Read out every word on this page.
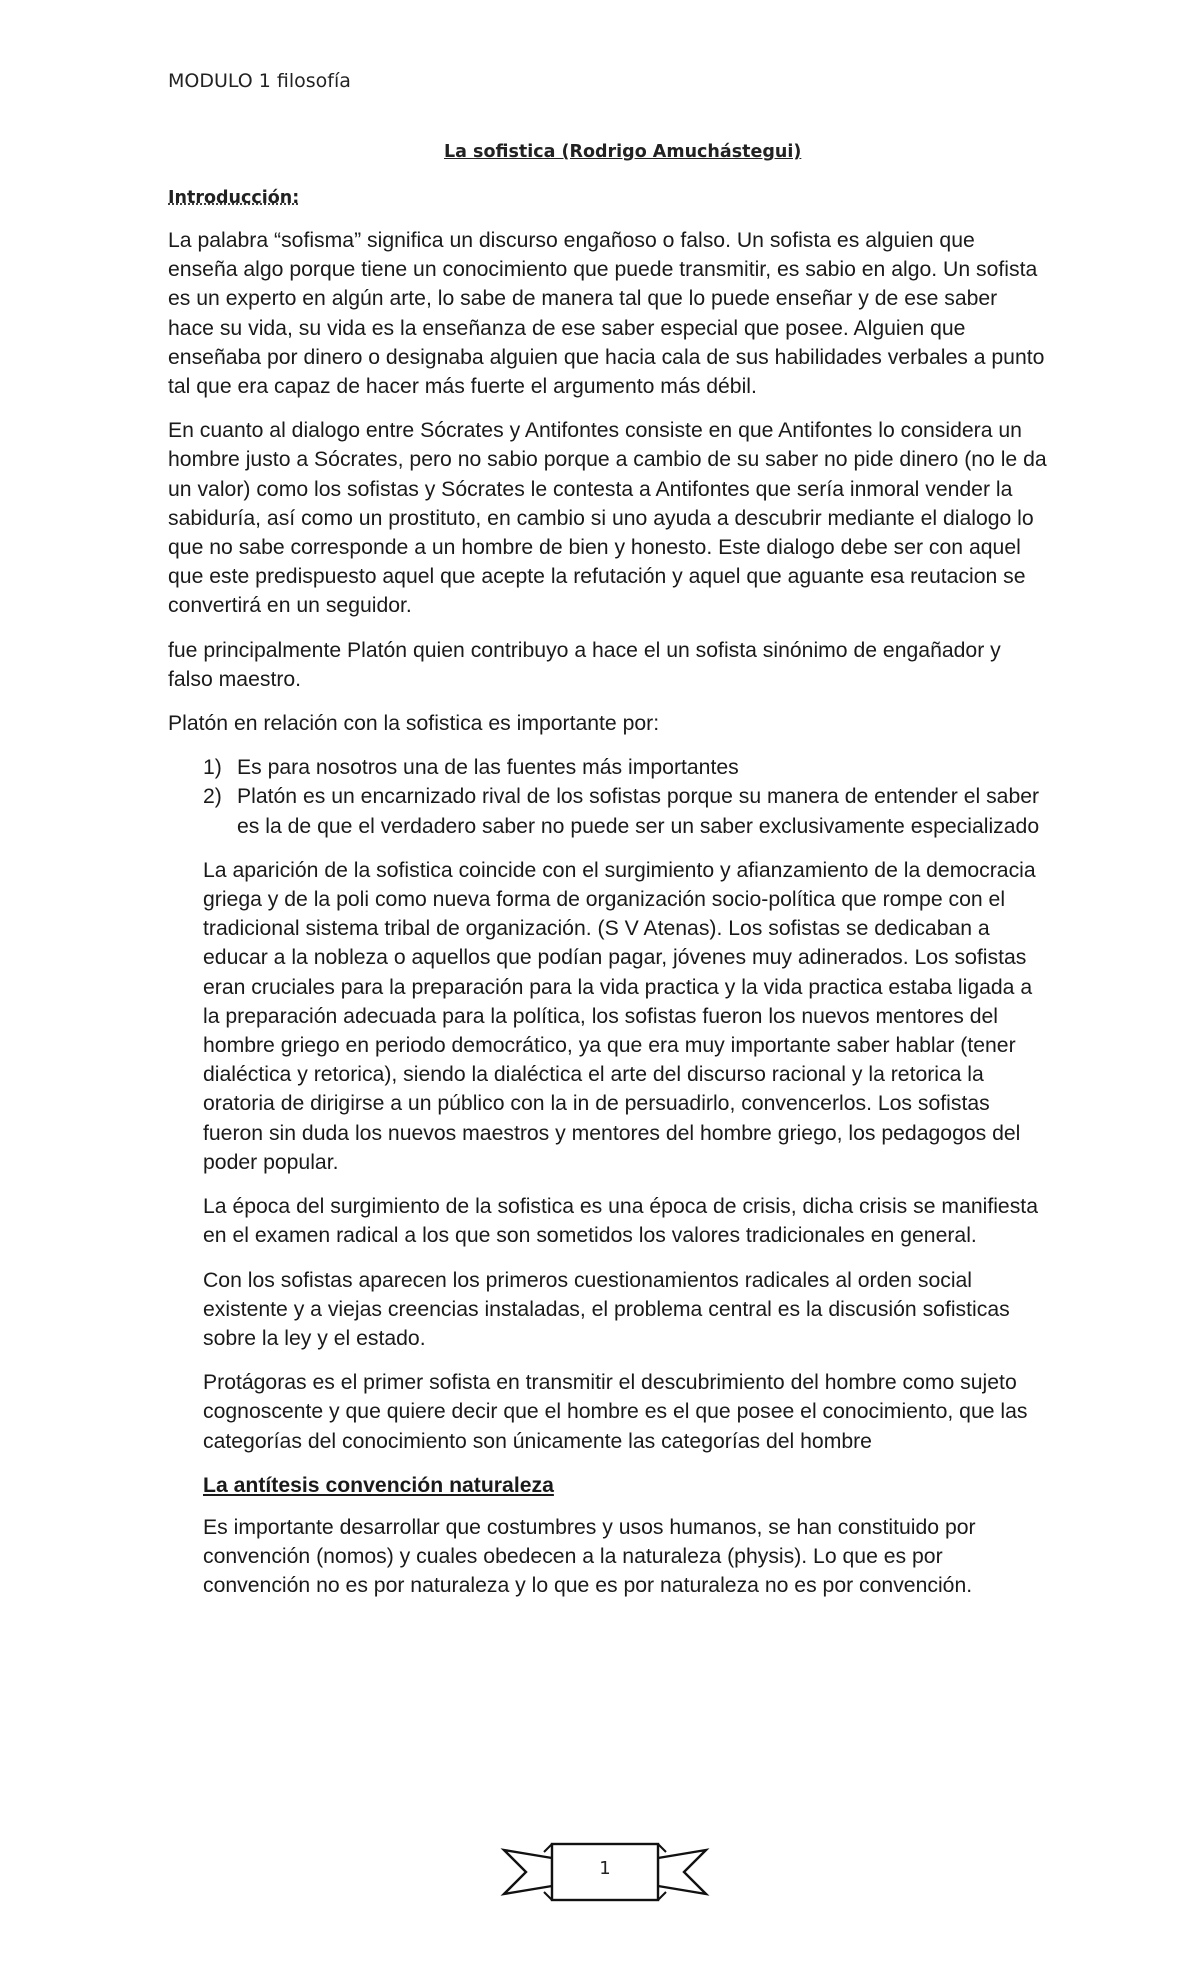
MODULO 1 filosofía
La sofistica (Rodrigo Amuchástegui)
Introducción:

La palabra “sofisma” significa un discurso engañoso o falso. Un sofista es alguien que enseña algo porque tiene un conocimiento que puede transmitir, es sabio en algo. Un sofista es un experto en algún arte, lo sabe de manera tal que lo puede enseñar y de ese saber hace su vida, su vida es la enseñanza de ese saber especial que posee. Alguien que enseñaba por dinero o designaba alguien que hacia cala de sus habilidades verbales a punto tal que era capaz de hacer más fuerte el argumento más débil.

En cuanto al dialogo entre Sócrates y Antifontes consiste en que Antifontes lo considera un hombre justo a Sócrates, pero no sabio porque a cambio de su saber no pide dinero (no le da un valor) como los sofistas y Sócrates le contesta a Antifontes que sería inmoral vender la sabiduría, así como un prostituto, en cambio si uno ayuda a descubrir mediante el dialogo lo que no sabe corresponde a un hombre de bien y honesto. Este dialogo debe ser con aquel que este predispuesto aquel que acepte la refutación y aquel que aguante esa reutacion se convertirá en un seguidor.

fue principalmente Platón quien contribuyo a hace el un sofista sinónimo de engañador y falso maestro.

Platón en relación con la sofistica es importante por:

1) Es para nosotros una de las fuentes más importantes
2) Platón es un encarnizado rival de los sofistas porque su manera de entender el saber es la de que el verdadero saber no puede ser un saber exclusivamente especializado

La aparición de la sofistica coincide con el surgimiento y afianzamiento de la democracia griega y de la poli como nueva forma de organización socio-política que rompe con el tradicional sistema tribal de organización. (S V Atenas). Los sofistas se dedicaban a educar a la nobleza o aquellos que podían pagar, jóvenes muy adinerados. Los sofistas eran cruciales para la preparación para la vida practica y la vida practica estaba ligada a la preparación adecuada para la política, los sofistas fueron los nuevos mentores del hombre griego en periodo democrático, ya que era muy importante saber hablar (tener dialéctica y retorica), siendo la dialéctica el arte del discurso racional y la retorica la oratoria de dirigirse a un público con la in de persuadirlo, convencerlos. Los sofistas fueron sin duda los nuevos maestros y mentores del hombre griego, los pedagogos del poder popular.

La época del surgimiento de la sofistica es una época de crisis, dicha crisis se manifiesta en el examen radical a los que son sometidos los valores tradicionales en general.

Con los sofistas aparecen los primeros cuestionamientos radicales al orden social existente y a viejas creencias instaladas, el problema central es la discusión sofisticas sobre la ley y el estado.

Protágoras es el primer sofista en transmitir el descubrimiento del hombre como sujeto cognoscente y que quiere decir que el hombre es el que posee el conocimiento, que las categorías del conocimiento son únicamente las categorías del hombre

La antítesis convención naturaleza

Es importante desarrollar que costumbres y usos humanos, se han constituido por convención (nomos) y cuales obedecen a la naturaleza (physis). Lo que es por convención no es por naturaleza y lo que es por naturaleza no es por convención.

1
